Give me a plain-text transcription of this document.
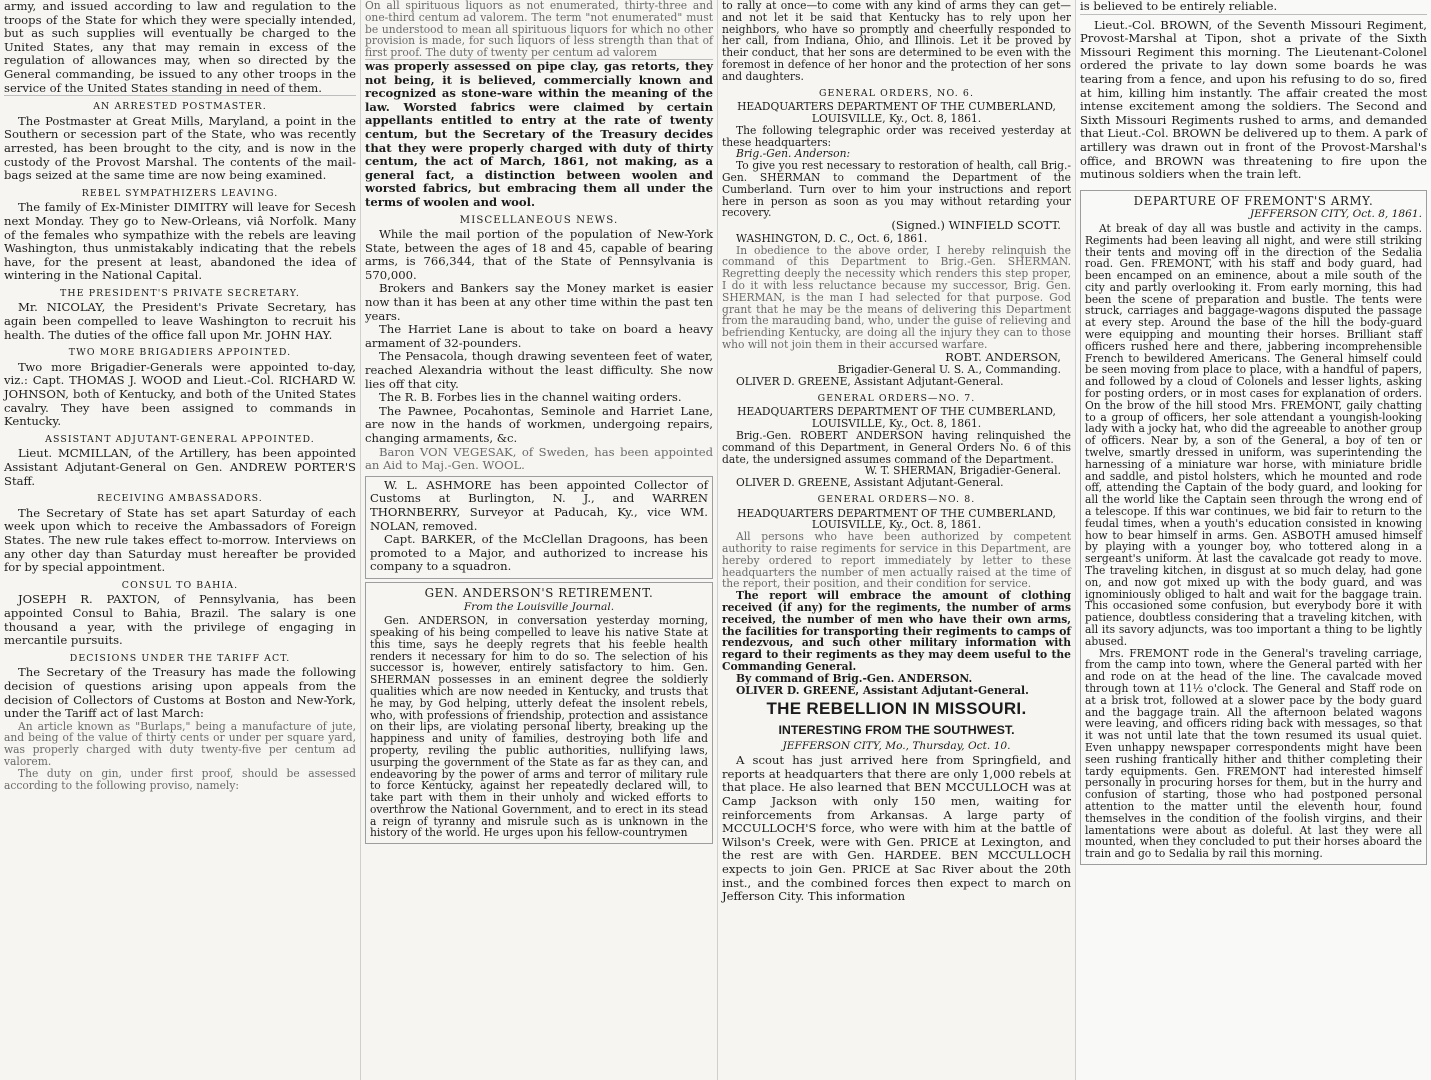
army, and issued according to law and regulation to the troops of the State for which they were specially intended, but as such supplies will eventually be charged to the United States, any that may remain in excess of the regulation of allowances may, when so directed by the General commanding, be issued to any other troops in the service of the United States standing in need of them.

AN ARRESTED POSTMASTER.

The Postmaster at Great Mills, Maryland, a point in the Southern or secession part of the State, who was recently arrested, has been brought to the city, and is now in the custody of the Provost Marshal. The contents of the mail-bags seized at the same time are now being examined.

REBEL SYMPATHIZERS LEAVING.

The family of Ex-Minister DIMITRY will leave for Secesh next Monday. They go to New-Orleans, viâ Norfolk. Many of the females who sympathize with the rebels are leaving Washington, thus unmistakably indicating that the rebels have, for the present at least, abandoned the idea of wintering in the National Capital.

THE PRESIDENT'S PRIVATE SECRETARY.

Mr. NICOLAY, the President's Private Secretary, has again been compelled to leave Washington to recruit his health. The duties of the office fall upon Mr. JOHN HAY.

TWO MORE BRIGADIERS APPOINTED.

Two more Brigadier-Generals were appointed to-day, viz.: Capt. THOMAS J. WOOD and Lieut.-Col. RICHARD W. JOHNSON, both of Kentucky, and both of the United States cavalry. They have been assigned to commands in Kentucky.

ASSISTANT ADJUTANT-GENERAL APPOINTED.

Lieut. MCMILLAN, of the Artillery, has been appointed Assistant Adjutant-General on Gen. ANDREW PORTER'S Staff.

RECEIVING AMBASSADORS.

The Secretary of State has set apart Saturday of each week upon which to receive the Ambassadors of Foreign States. The new rule takes effect to-morrow. Interviews on any other day than Saturday must hereafter be provided for by special appointment.

CONSUL TO BAHIA.

JOSEPH R. PAXTON, of Pennsylvania, has been appointed Consul to Bahia, Brazil. The salary is one thousand a year, with the privilege of engaging in mercantile pursuits.

DECISIONS UNDER THE TARIFF ACT.

The Secretary of the Treasury has made the following decision of questions arising upon appeals from the decision of Collectors of Customs at Boston and New-York, under the Tariff act of last March:

An article known as "Burlaps," being a manufacture of jute, and being of the value of thirty cents or under per square yard, was properly charged with duty twenty-five per centum ad valorem.

The duty on gin, under first proof, should be assessed according to the following proviso, namely:

On all spirituous liquors as not enumerated, thirty-three and one-third centum ad valorem. The term "not enumerated" must be understood to mean all spirituous liquors for which no other provision is made, for such liquors of less strength than that of first proof. The duty of twenty per centum ad valorem

was properly assessed on pipe clay, gas retorts, they not being, it is believed, commercially known and recognized as stone-ware within the meaning of the law. Worsted fabrics were claimed by certain appellants entitled to entry at the rate of twenty centum, but the Secretary of the Treasury decides that they were properly charged with duty of thirty centum, the act of March, 1861, not making, as a general fact, a distinction between woolen and worsted fabrics, but embracing them all under the terms of woolen and wool.

MISCELLANEOUS NEWS.

While the mail portion of the population of New-York State, between the ages of 18 and 45, capable of bearing arms, is 766,344, that of the State of Pennsylvania is 570,000.

Brokers and Bankers say the Money market is easier now than it has been at any other time within the past ten years.

The Harriet Lane is about to take on board a heavy armament of 32-pounders.

The Pensacola, though drawing seventeen feet of water, reached Alexandria without the least difficulty. She now lies off that city.

The R. B. Forbes lies in the channel waiting orders.

The Pawnee, Pocahontas, Seminole and Harriet Lane, are now in the hands of workmen, undergoing repairs, changing armaments, &c.

Baron VON VEGESAK, of Sweden, has been appointed an Aid to Maj.-Gen. WOOL.

W. L. ASHMORE has been appointed Collector of Customs at Burlington, N. J., and WARREN THORNBERRY, Surveyor at Paducah, Ky., vice WM. NOLAN, removed.

Capt. BARKER, of the McClellan Dragoons, has been promoted to a Major, and authorized to increase his company to a squadron.

GEN. ANDERSON'S RETIREMENT.
From the Louisville Journal.

Gen. ANDERSON, in conversation yesterday morning, speaking of his being compelled to leave his native State at this time, says he deeply regrets that his feeble health renders it necessary for him to do so. The selection of his successor is, however, entirely satisfactory to him. Gen. SHERMAN possesses in an eminent degree the soldierly qualities which are now needed in Kentucky, and trusts that he may, by God helping, utterly defeat the insolent rebels, who, with professions of friendship, protection and assistance on their lips, are violating personal liberty, breaking up the happiness and unity of families, destroying both life and property, reviling the public authorities, nullifying laws, usurping the government of the State as far as they can, and endeavoring by the power of arms and terror of military rule to force Kentucky, against her repeatedly declared will, to take part with them in their unholy and wicked efforts to overthrow the National Government, and to erect in its stead a reign of tyranny and misrule such as is unknown in the history of the world. He urges upon his fellow-countrymen

to rally at once—to come with any kind of arms they can get—and not let it be said that Kentucky has to rely upon her neighbors, who have so promptly and cheerfully responded to her call, from Indiana, Ohio, and Illinois. Let it be proved by their conduct, that her sons are determined to be even with the foremost in defence of her honor and the protection of her sons and daughters.

GENERAL ORDERS, NO. 6.

HEADQUARTERS DEPARTMENT OF THE CUMBERLAND, LOUISVILLE, Ky., Oct. 8, 1861.

The following telegraphic order was received yesterday at these headquarters:

Brig.-Gen. Anderson:

To give you rest necessary to restoration of health, call Brig.-Gen. SHERMAN to command the Department of the Cumberland. Turn over to him your instructions and report here in person as soon as you may without retarding your recovery.

(Signed.) WINFIELD SCOTT.

WASHINGTON, D. C., Oct. 6, 1861.

In obedience to the above order, I hereby relinquish the command of this Department to Brig.-Gen. SHERMAN. Regretting deeply the necessity which renders this step proper, I do it with less reluctance because my successor, Brig. Gen. SHERMAN, is the man I had selected for that purpose. God grant that he may be the means of delivering this Department from the marauding band, who, under the guise of relieving and befriending Kentucky, are doing all the injury they can to those who will not join them in their accursed warfare.

ROBT. ANDERSON,

Brigadier-General U. S. A., Commanding.

OLIVER D. GREENE, Assistant Adjutant-General.

GENERAL ORDERS—NO. 7.

HEADQUARTERS DEPARTMENT OF THE CUMBERLAND, LOUISVILLE, Ky., Oct. 8, 1861.

Brig.-Gen. ROBERT ANDERSON having relinquished the command of this Department, in General Orders No. 6 of this date, the undersigned assumes command of the Department.

W. T. SHERMAN, Brigadier-General.

OLIVER D. GREENE, Assistant Adjutant-General.

GENERAL ORDERS—NO. 8.

HEADQUARTERS DEPARTMENT OF THE CUMBERLAND, LOUISVILLE, Ky., Oct. 8, 1861.

All persons who have been authorized by competent authority to raise regiments for service in this Department, are hereby ordered to report immediately by letter to these headquarters the number of men actually raised at the time of the report, their position, and their condition for service.

The report will embrace the amount of clothing received (if any) for the regiments, the number of arms received, the number of men who have their own arms, the facilities for transporting their regiments to camps of rendezvous, and such other military information with regard to their regiments as they may deem useful to the Commanding General.

By command of Brig.-Gen. ANDERSON.

OLIVER D. GREENE, Assistant Adjutant-General.

THE REBELLION IN MISSOURI.
INTERESTING FROM THE SOUTHWEST.
JEFFERSON CITY, Mo., Thursday, Oct. 10.

A scout has just arrived here from Springfield, and reports at headquarters that there are only 1,000 rebels at that place. He also learned that BEN MCCULLOCH was at Camp Jackson with only 150 men, waiting for reinforcements from Arkansas. A large party of MCCULLOCH'S force, who were with him at the battle of Wilson's Creek, were with Gen. PRICE at Lexington, and the rest are with Gen. HARDEE. BEN MCCULLOCH expects to join Gen. PRICE at Sac River about the 20th inst., and the combined forces then expect to march on Jefferson City. This information

is believed to be entirely reliable.

Lieut.-Col. BROWN, of the Seventh Missouri Regiment, Provost-Marshal at Tipon, shot a private of the Sixth Missouri Regiment this morning. The Lieutenant-Colonel ordered the private to lay down some boards he was tearing from a fence, and upon his refusing to do so, fired at him, killing him instantly. The affair created the most intense excitement among the soldiers. The Second and Sixth Missouri Regiments rushed to arms, and demanded that Lieut.-Col. BROWN be delivered up to them. A park of artillery was drawn out in front of the Provost-Marshal's office, and BROWN was threatening to fire upon the mutinous soldiers when the train left.

DEPARTURE OF FREMONT'S ARMY.
JEFFERSON CITY, Oct. 8, 1861.

At break of day all was bustle and activity in the camps. Regiments had been leaving all night, and were still striking their tents and moving off in the direction of the Sedalia road. Gen. FREMONT, with his staff and body guard, had been encamped on an eminence, about a mile south of the city and partly overlooking it. From early morning, this had been the scene of preparation and bustle. The tents were struck, carriages and baggage-wagons disputed the passage at every step. Around the base of the hill the body-guard were equipping and mounting their horses. Brilliant staff officers rushed here and there, jabbering incomprehensible French to bewildered Americans. The General himself could be seen moving from place to place, with a handful of papers, and followed by a cloud of Colonels and lesser lights, asking for posting orders, or in most cases for explanation of orders. On the brow of the hill stood Mrs. FREMONT, gaily chatting to a group of officers, her sole attendant a youngish-looking lady with a jocky hat, who did the agreeable to another group of officers. Near by, a son of the General, a boy of ten or twelve, smartly dressed in uniform, was superintending the harnessing of a miniature war horse, with miniature bridle and saddle, and pistol holsters, which he mounted and rode off, attending the Captain of the body guard, and looking for all the world like the Captain seen through the wrong end of a telescope. If this war continues, we bid fair to return to the feudal times, when a youth's education consisted in knowing how to bear himself in arms. Gen. ASBOTH amused himself by playing with a younger boy, who tottered along in a sergeant's uniform. At last the cavalcade got ready to move. The traveling kitchen, in disgust at so much delay, had gone on, and now got mixed up with the body guard, and was ignominiously obliged to halt and wait for the baggage train. This occasioned some confusion, but everybody bore it with patience, doubtless considering that a traveling kitchen, with all its savory adjuncts, was too important a thing to be lightly abused.

Mrs. FREMONT rode in the General's traveling carriage, from the camp into town, where the General parted with her and rode on at the head of the line. The cavalcade moved through town at 11½ o'clock. The General and Staff rode on at a brisk trot, followed at a slower pace by the body guard and the baggage train. All the afternoon belated wagons were leaving, and officers riding back with messages, so that it was not until late that the town resumed its usual quiet. Even unhappy newspaper correspondents might have been seen rushing frantically hither and thither completing their tardy equipments. Gen. FREMONT had interested himself personally in procuring horses for them, but in the hurry and confusion of starting, those who had postponed personal attention to the matter until the eleventh hour, found themselves in the condition of the foolish virgins, and their lamentations were about as doleful. At last they were all mounted, when they concluded to put their horses aboard the train and go to Sedalia by rail this morning.
